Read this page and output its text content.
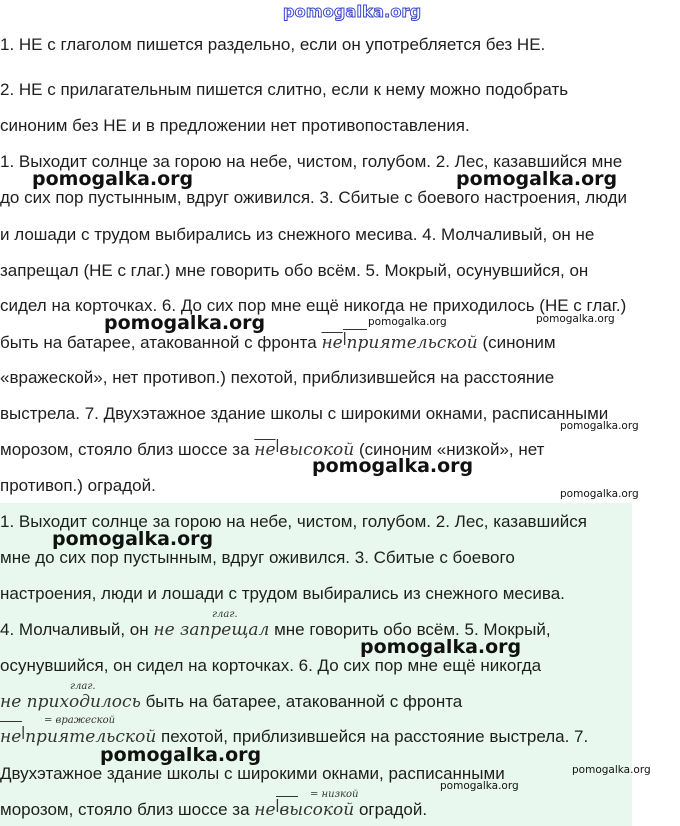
pomogalka.org
1. НЕ с глаголом пишется раздельно, если он употребляется без НЕ.
2. НЕ с прилагательным пишется слитно, если к нему можно подобрать
синоним без НЕ и в предложении нет противопоставления.
1. Выходит солнце за горою на небе, чистом, голубом. 2. Лес, казавшийся мне
до сих пор пустынным, вдруг оживился. 3. Сбитые с боевого настроения, люди
и лошади с трудом выбирались из снежного месива. 4. Молчаливый, он не
запрещал (НЕ с глаг.) мне говорить обо всём. 5. Мокрый, осунувшийся, он
сидел на корточках. 6. До сих пор мне ещё никогда не приходилось (НЕ с глаг.)
быть на батарее, атакованной с фронта $не^ǀприятельской$ (синоним
«вражеской», нет противоп.) пехотой, приблизившейся на расстояние
выстрела. 7. Двухэтажное здание школы с широкими окнами, расписанными
морозом, стояло близ шоссе за $не^ǀвысокой$ (синоним «низкой», нет
противоп.) оградой.
1. Выходит солнце за горою на небе, чистом, голубом. 2. Лес, казавшийся
мне до сих пор пустынным, вдруг оживился. 3. Сбитые с боевого
настроения, люди и лошади с трудом выбирались из снежного месива.
глаг.
4. Молчаливый, он не запрещал мне говорить обо всём. 5. Мокрый,
осунувшийся, он сидел на корточках. 6. До сих пор мне ещё никогда
глаг.
не приходилось быть на батарее, атакованной с фронта
= вражеской
$не^ǀприятельской$ пехотой, приблизившейся на расстояние выстрела. 7.
Двухэтажное здание школы с широкими окнами, расписанными
= низкой
морозом, стояло близ шоссе за $не^ǀвысокой$ оградой.
pomogalka.org	pomogalka.org
pomogalka.org	pomogalka.org	pomogalka.org
pomogalka.org
pomogalka.org
pomogalka.org
pomogalka.org
pomogalka.org
pomogalka.org
pomogalka.org
pomogalka.org
